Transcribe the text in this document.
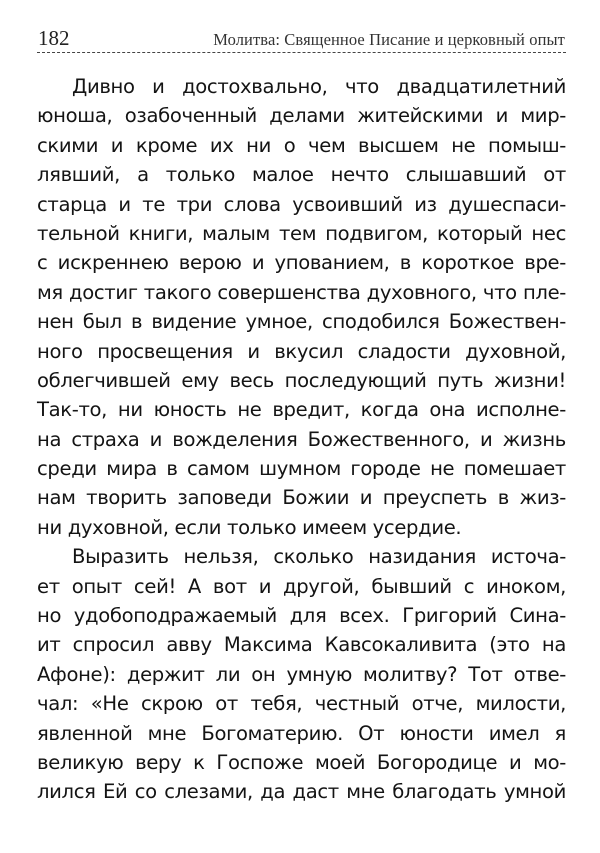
182	Молитва: Священное Писание и церковный опыт
Дивно и достохвально, что двадцатилетний
юноша, озабоченный делами житейскими и мир-
скими и кроме их ни о чем высшем не помыш-
лявший, а только малое нечто слышавший от
старца и те три слова усвоивший из душеспаси-
тельной книги, малым тем подвигом, который нес
с искреннею верою и упованием, в короткое вре-
мя достиг такого совершенства духовного, что пле-
нен был в видение умное, сподобился Божествен-
ного просвещения и вкусил сладости духовной,
облегчившей ему весь последующий путь жизни!
Так-то, ни юность не вредит, когда она исполне-
на страха и вожделения Божественного, и жизнь
среди мира в самом шумном городе не помешает
нам творить заповеди Божии и преуспеть в жиз-
ни духовной, если только имеем усердие.
Выразить нельзя, сколько назидания источа-
ет опыт сей! А вот и другой, бывший с иноком,
но удобоподражаемый для всех. Григорий Сина-
ит спросил авву Максима Кавсокаливита (это на
Афоне): держит ли он умную молитву? Тот отве-
чал: «Не скрою от тебя, честный отче, милости,
явленной мне Богоматерию. От юности имел я
великую веру к Госпоже моей Богородице и мо-
лился Ей со слезами, да даст мне благодать умной
